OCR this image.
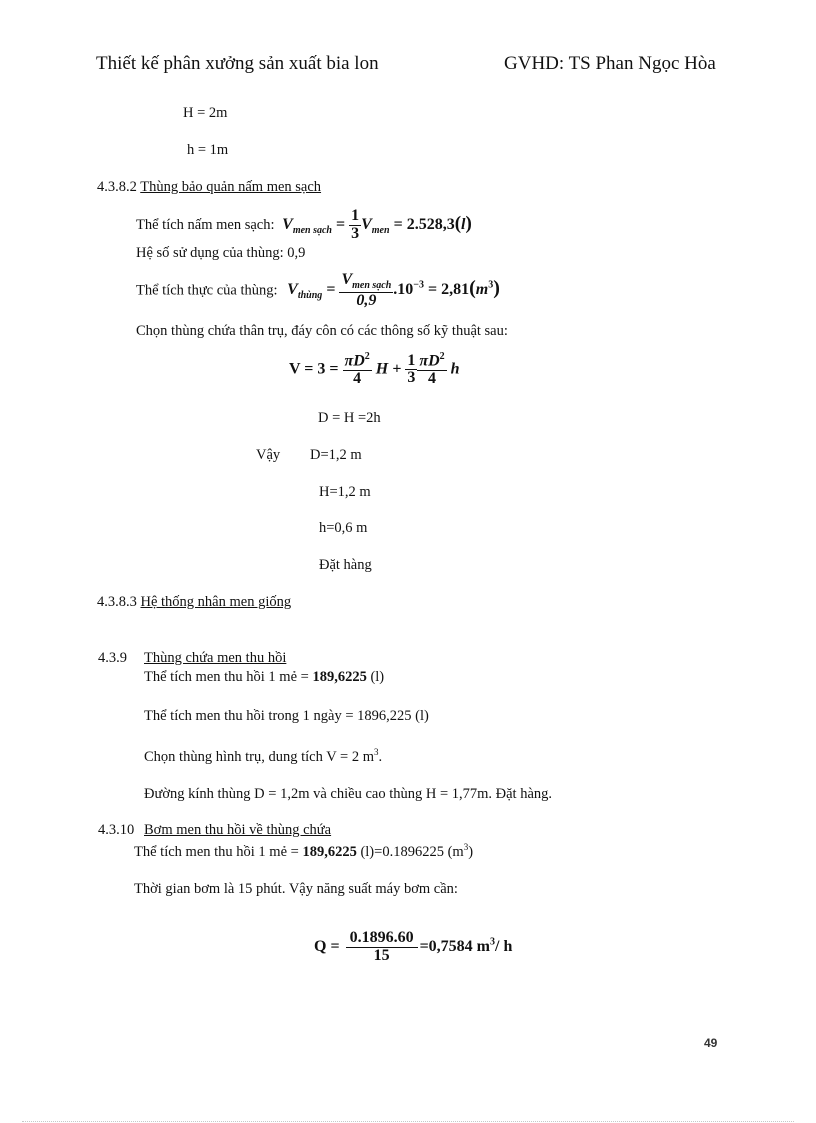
Thiết kế phân xưởng sản xuất bia lon	GVHD: TS Phan Ngọc Hòa
H = 2m
h = 1m
4.3.8.2 Thùng bảo quản nấm men sạch
Thể tích nấm men sạch: $V_{men sạch} = \frac{1}{3} V_{men} = 2.528,3(l)$
Hệ số sử dụng của thùng: 0,9
Thể tích thực của thùng: $V_{thùng} = \frac{V_{men sạch}}{0,9} .10^{-3} = 2,81(m^3)$
Chọn thùng chứa thân trụ, đáy côn có các thông số kỹ thuật sau:
$V = 3 = \frac{\pi D^2}{4}$ $H + \frac{1}{3} \frac{\pi D^2}{4}$ h
D = H =2h
Vậy D=1,2 m
H=1,2 m
h=0,6 m
Đặt hàng
4.3.8.3 Hệ thống nhân men giống
4.3.9 Thùng chứa men thu hồi
Thể tích men thu hồi 1 mẻ = 189,6225 (l)
Thể tích men thu hồi trong 1 ngày = 1896,225 (l)
Chọn thùng hình trụ, dung tích V = 2 $m^3$.
Đường kính thùng D = 1,2m và chiều cao thùng H = 1,77m. Đặt hàng.
4.3.10 Bơm men thu hồi về thùng chứa
Thể tích men thu hồi 1 mẻ = 189,6225 (l)=0.1896225 $(m^3)$
Thời gian bơm là 15 phút. Vậy năng suất máy bơm cần:
$Q = \frac{0.1896.60}{15} =0,7584$ $m^3/$ h
49
